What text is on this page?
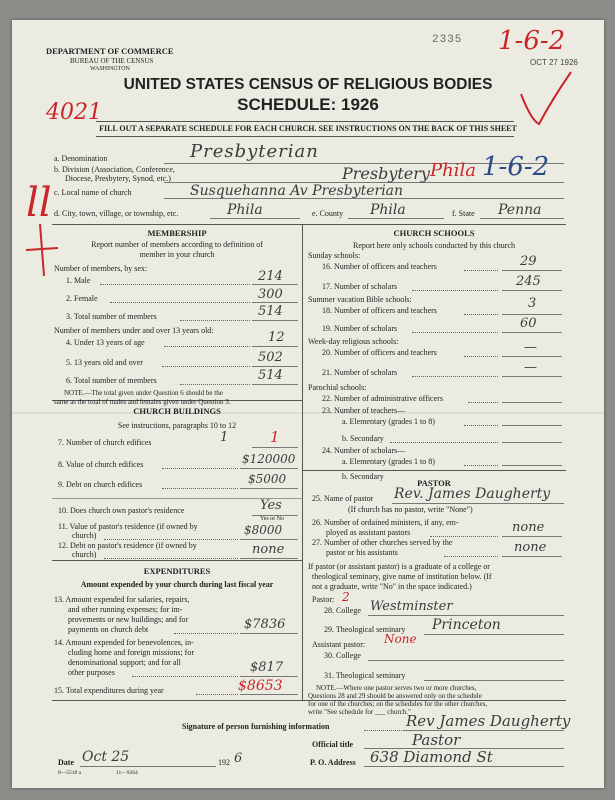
DEPARTMENT OF COMMERCE
BUREAU OF THE CENSUS
WASHINGTON
2335 1-6-2
OCT 27 1926
UNITED STATES CENSUS OF RELIGIOUS BODIES
SCHEDULE: 1926
4021
FILL OUT A SEPARATE SCHEDULE FOR EACH CHURCH. SEE INSTRUCTIONS ON THE BACK OF THIS SHEET
a. Denomination	Presbyterian
b. Division (Association, Conference,
Diocese, Presbytery, Synod, etc.)	Presbytery Phila 1-6-2
c. Local name of church	Susquehanna Av Presbyterian
d. City, town, village, or township, etc.	Phila	e. County Phila	f. State Penna
ll
MEMBERSHIP
Report number of members according to definition of
member in your church
Number of members, by sex:
1. Male	214
2. Female	300
3. Total number of members	514
Number of members under and over 13 years old:
4. Under 13 years of age	12
5. 13 years old and over	502
6. Total number of members	514
NOTE.—The total given under Question 6 should be the
same as the total of males and females given under Question 3.
CHURCH BUILDINGS
See instructions, paragraphs 10 to 12
7. Number of church edifices	1	1
8. Value of church edifices	$120000
9. Debt on church edifices	$5000
10. Does church own pastor's residence	Yes
Yes or No
11. Value of pastor's residence (if owned by
church)	$8000
12. Debt on pastor's residence (if owned by
church)	none
EXPENDITURES
Amount expended by your church during last fiscal year
13. Amount expended for salaries, repairs,
and other running expenses; for im-
provements or new buildings; and for
payments on church debt	$7836
14. Amount expended for benevolences, in-
cluding home and foreign missions; for
denominational support; and for all
other purposes	$817
15. Total expenditures during year	$8653
CHURCH SCHOOLS
Report here only schools conducted by this church
Sunday schools:
16. Number of officers and teachers	29
17. Number of scholars	245
Summer vacation Bible schools:
18. Number of officers and teachers	3
19. Number of scholars	60
Week-day religious schools:
20. Number of officers and teachers	—
21. Number of scholars	—
Parochial schools:
22. Number of administrative officers
23. Number of teachers—
a. Elementary (grades 1 to 8)
b. Secondary
24. Number of scholars—
a. Elementary (grades 1 to 8)
b. Secondary
PASTOR
25. Name of pastor Rev. James Daugherty
(If church has no pastor, write "None")
26. Number of ordained ministers, if any, em-
ployed as assistant pastors	none
27. Number of other churches served by the
pastor or his assistants	none
If pastor (or assistant pastor) is a graduate of a college or
theological seminary, give name of institution below. (If
not a graduate, write "No" in the space indicated.)
Pastor: 2
28. College Westminster
29. Theological seminary Princeton
Assistant pastor: None
30. College
31. Theological seminary
NOTE.—Where one pastor serves two or more churches,
Questions 28 and 29 should be answered only on the schedule
for one of the churches; on the schedules for the other churches,
write "See schedule for ___ church."
Signature of person furnishing information	Rev James Daugherty
Official title	Pastor
Date Oct 25	192 6	P. O. Address 638 Diamond St
8—5518 a	11—9264
